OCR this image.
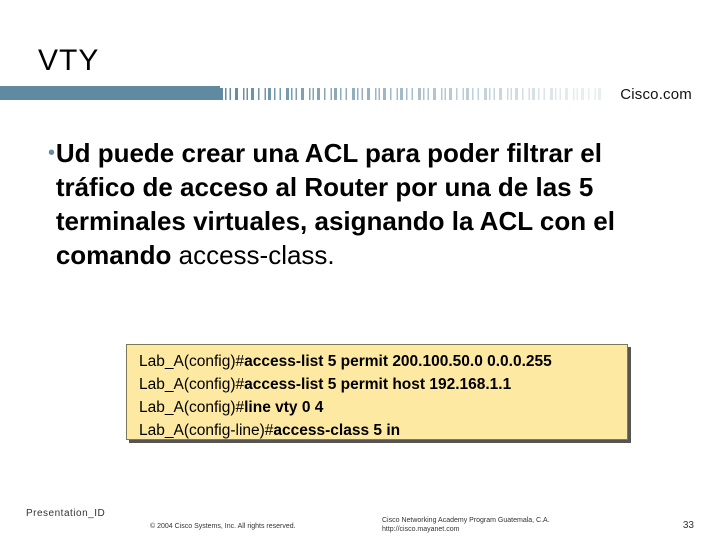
VTY
Cisco.com
• Ud puede crear una ACL para poder filtrar el tráfico de acceso al Router por una de las 5 terminales virtuales, asignando la ACL con el comando access-class.
Lab_A(config)#access-list 5 permit 200.100.50.0 0.0.0.255
Lab_A(config)#access-list 5 permit host 192.168.1.1
Lab_A(config)#line vty 0 4
Lab_A(config-line)#access-class 5 in
Presentation_ID
© 2004 Cisco Systems, Inc. All rights reserved.
Cisco Networking Academy Program Guatemala, C.A.
http://cisco.mayanet.com	33
